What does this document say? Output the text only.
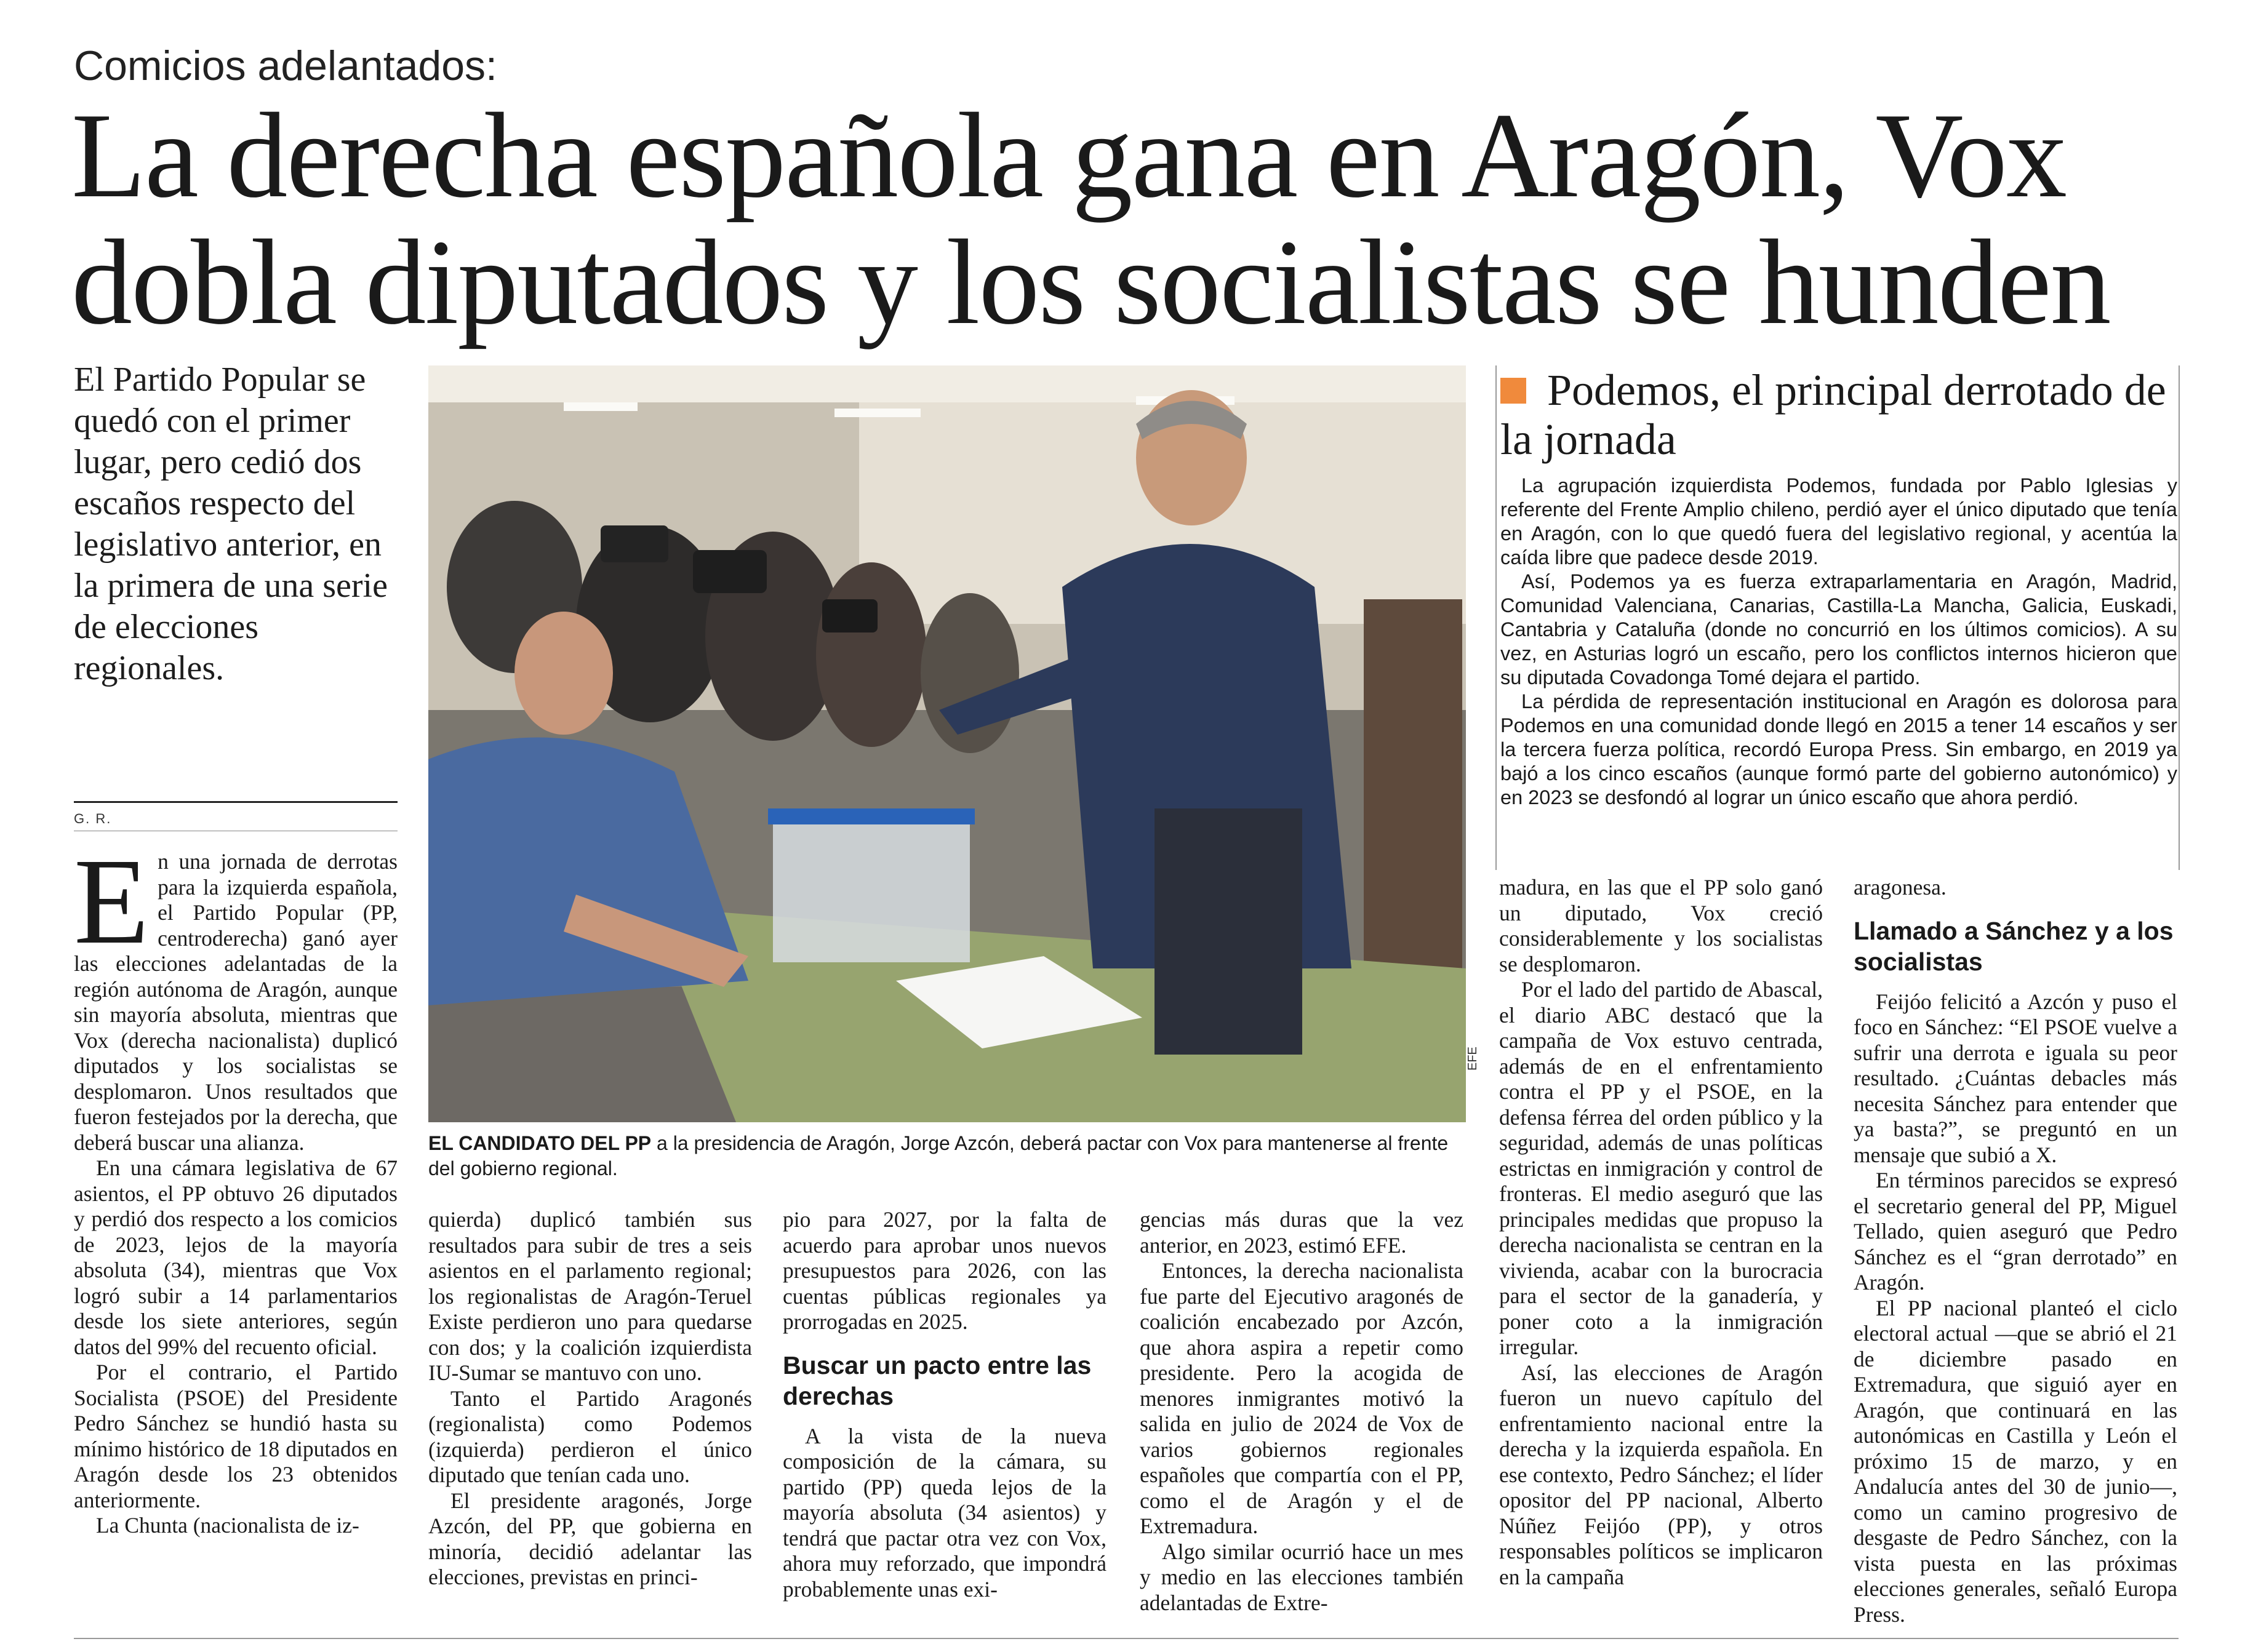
Comicios adelantados:
La derecha española gana en Aragón, Vox dobla diputados y los socialistas se hunden
El Partido Popular se quedó con el primer lugar, pero cedió dos escaños respecto del legislativo anterior, en la primera de una serie de elecciones regionales.
G. R.
EFE
EL CANDIDATO DEL PP a la presidencia de Aragón, Jorge Azcón, deberá pactar con Vox para mantenerse al frente del gobierno regional.
Podemos, el principal derrotado de la jornada

La agrupación izquierdista Podemos, fundada por Pablo Iglesias y referente del Frente Amplio chileno, perdió ayer el único diputado que tenía en Aragón, con lo que quedó fuera del legislativo regional, y acentúa la caída libre que padece desde 2019.

Así, Podemos ya es fuerza extraparlamentaria en Aragón, Madrid, Comunidad Valenciana, Canarias, Castilla-La Mancha, Galicia, Euskadi, Cantabria y Cataluña (donde no concurrió en los últimos comicios). A su vez, en Asturias logró un escaño, pero los conflictos internos hicieron que su diputada Covadonga Tomé dejara el partido.

La pérdida de representación institucional en Aragón es dolorosa para Podemos en una comunidad donde llegó en 2015 a tener 14 escaños y ser la tercera fuerza política, recordó Europa Press. Sin embargo, en 2019 ya bajó a los cinco escaños (aunque formó parte del gobierno autonómico) y en 2023 se desfondó al lograr un único escaño que ahora perdió.

En una jornada de derrotas para la izquierda española, el Partido Popular (PP, centroderecha) ganó ayer las elecciones adelantadas de la región autónoma de Aragón, aunque sin mayoría absoluta, mientras que Vox (derecha nacionalista) duplicó diputados y los socialistas se desplomaron. Unos resultados que fueron festejados por la derecha, que deberá buscar una alianza.

En una cámara legislativa de 67 asientos, el PP obtuvo 26 diputados y perdió dos respecto a los comicios de 2023, lejos de la mayoría absoluta (34), mientras que Vox logró subir a 14 parlamentarios desde los siete anteriores, según datos del 99% del recuento oficial.

Por el contrario, el Partido Socialista (PSOE) del Presidente Pedro Sánchez se hundió hasta su mínimo histórico de 18 diputados en Aragón desde los 23 obtenidos anteriormente.

La Chunta (nacionalista de iz-

quierda) duplicó también sus resultados para subir de tres a seis asientos en el parlamento regional; los regionalistas de Aragón-Teruel Existe perdieron uno para quedarse con dos; y la coalición izquierdista IU-Sumar se mantuvo con uno.

Tanto el Partido Aragonés (regionalista) como Podemos (izquierda) perdieron el único diputado que tenían cada uno.

El presidente aragonés, Jorge Azcón, del PP, que gobierna en minoría, decidió adelantar las elecciones, previstas en princi-

pio para 2027, por la falta de acuerdo para aprobar unos nuevos presupuestos para 2026, con las cuentas públicas regionales ya prorrogadas en 2025.

Buscar un pacto entre las derechas

A la vista de la nueva composición de la cámara, su partido (PP) queda lejos de la mayoría absoluta (34 asientos) y tendrá que pactar otra vez con Vox, ahora muy reforzado, que impondrá probablemente unas exi-

gencias más duras que la vez anterior, en 2023, estimó EFE.

Entonces, la derecha nacionalista fue parte del Ejecutivo aragonés de coalición encabezado por Azcón, que ahora aspira a repetir como presidente. Pero la acogida de menores inmigrantes motivó la salida en julio de 2024 de Vox de varios gobiernos regionales españoles que compartía con el PP, como el de Aragón y el de Extremadura.

Algo similar ocurrió hace un mes y medio en las elecciones también adelantadas de Extre-

madura, en las que el PP solo ganó un diputado, Vox creció considerablemente y los socialistas se desplomaron.

Por el lado del partido de Abascal, el diario ABC destacó que la campaña de Vox estuvo centrada, además de en el enfrentamiento contra el PP y el PSOE, en la defensa férrea del orden público y la seguridad, además de unas políticas estrictas en inmigración y control de fronteras. El medio aseguró que las principales medidas que propuso la derecha nacionalista se centran en la vivienda, acabar con la burocracia para el sector de la ganadería, y poner coto a la inmigración irregular.

Así, las elecciones de Aragón fueron un nuevo capítulo del enfrentamiento nacional entre la derecha y la izquierda española. En ese contexto, Pedro Sánchez; el líder opositor del PP nacional, Alberto Núñez Feijóo (PP), y otros responsables políticos se implicaron en la campaña

aragonesa.

Llamado a Sánchez y a los socialistas

Feijóo felicitó a Azcón y puso el foco en Sánchez: “El PSOE vuelve a sufrir una derrota e iguala su peor resultado. ¿Cuántas debacles más necesita Sánchez para entender que ya basta?”, se preguntó en un mensaje que subió a X.

En términos parecidos se expresó el secretario general del PP, Miguel Tellado, quien aseguró que Pedro Sánchez es el “gran derrotado” en Aragón.

El PP nacional planteó el ciclo electoral actual —que se abrió el 21 de diciembre pasado en Extremadura, que siguió ayer en Aragón, que continuará en las autonómicas en Castilla y León el próximo 15 de marzo, y en Andalucía antes del 30 de junio—, como un camino progresivo de desgaste de Pedro Sánchez, con la vista puesta en las próximas elecciones generales, señaló Europa Press.
